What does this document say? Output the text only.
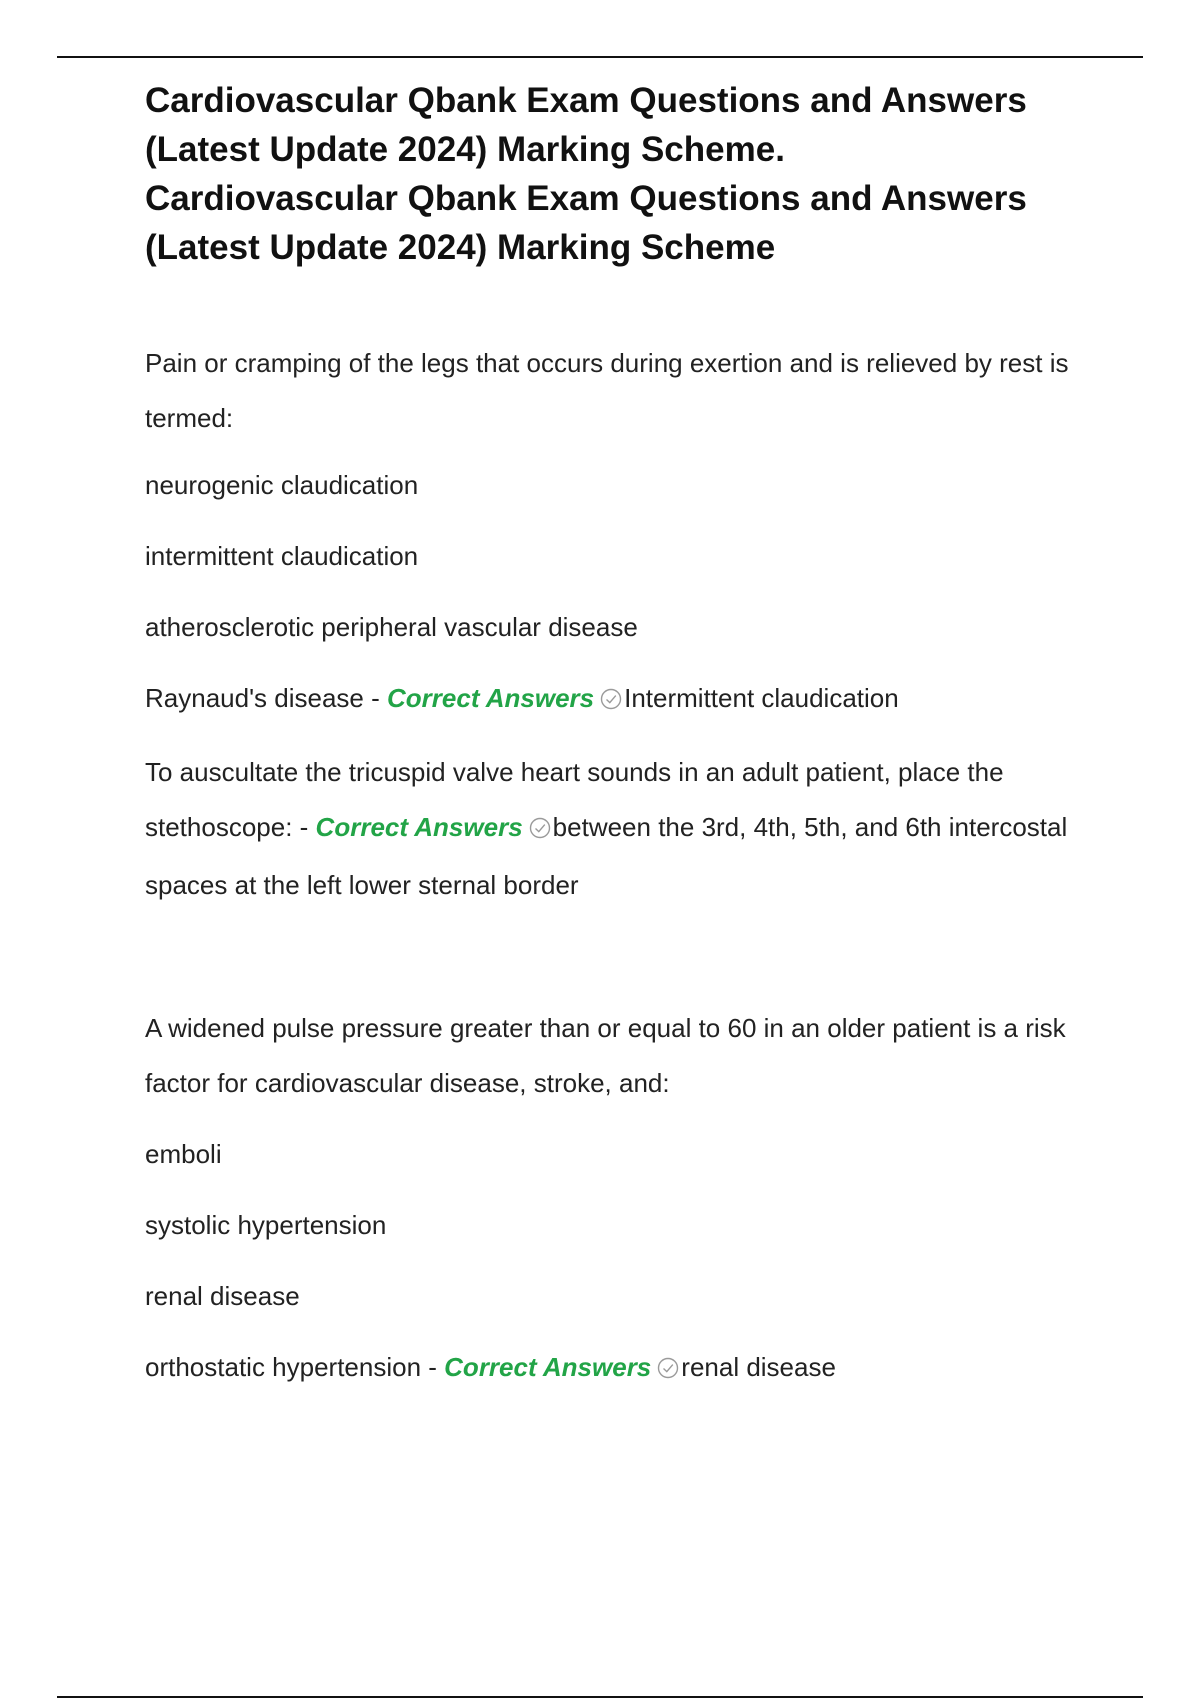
Cardiovascular Qbank Exam Questions and Answers
(Latest Update 2024) Marking Scheme.
Cardiovascular Qbank Exam Questions and Answers
(Latest Update 2024) Marking Scheme

Pain or cramping of the legs that occurs during exertion and is relieved by rest is termed:

neurogenic claudication

intermittent claudication

atherosclerotic peripheral vascular disease

Raynaud's disease - Correct Answers Intermittent claudication

To auscultate the tricuspid valve heart sounds in an adult patient, place the stethoscope: - Correct Answers between the 3rd, 4th, 5th, and 6th intercostal spaces at the left lower sternal border

A widened pulse pressure greater than or equal to 60 in an older patient is a risk factor for cardiovascular disease, stroke, and:

emboli

systolic hypertension

renal disease

orthostatic hypertension - Correct Answers renal disease
